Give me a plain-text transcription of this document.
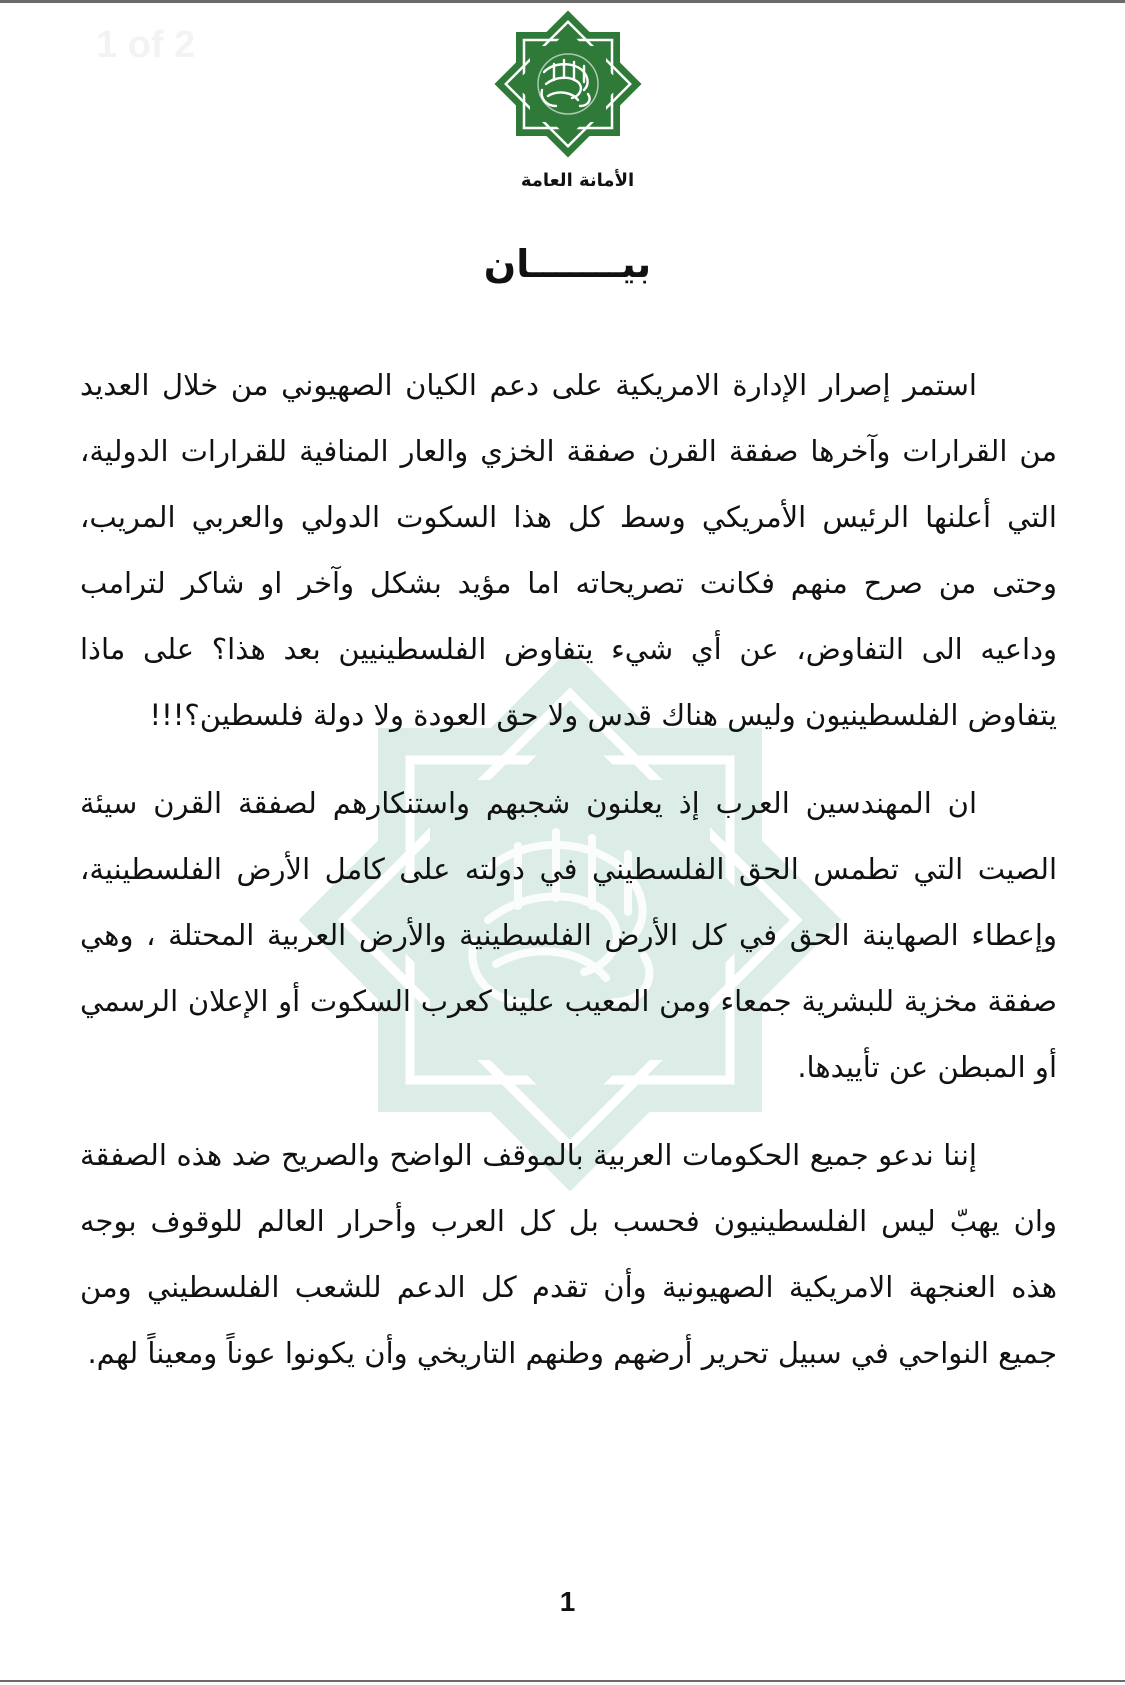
1 of 2
الأمانة العامة
بيـــــــان

استمر إصرار الإدارة الامريكية على دعم الكيان الصهيوني من خلال العديد من القرارات وآخرها صفقة القرن صفقة الخزي والعار المنافية للقرارات الدولية، التي أعلنها الرئيس الأمريكي وسط كل هذا السكوت الدولي والعربي المريب، وحتى من صرح منهم فكانت تصريحاته اما مؤيد بشكل وآخر او شاكر لترامب وداعيه الى التفاوض، عن أي شيء يتفاوض الفلسطينيين بعد هذا؟ على ماذا يتفاوض الفلسطينيون وليس هناك قدس ولا حق العودة ولا دولة فلسطين؟!!!

ان المهندسين العرب إذ يعلنون شجبهم واستنكارهم لصفقة القرن سيئة الصيت التي تطمس الحق الفلسطيني في دولته على كامل الأرض الفلسطينية، وإعطاء الصهاينة الحق في كل الأرض الفلسطينية والأرض العربية المحتلة ، وهي صفقة مخزية للبشرية جمعاء ومن المعيب علينا كعرب السكوت أو الإعلان الرسمي أو المبطن عن تأييدها.

إننا ندعو جميع الحكومات العربية بالموقف الواضح والصريح ضد هذه الصفقة وان يهبّ ليس الفلسطينيون فحسب بل كل العرب وأحرار العالم للوقوف بوجه هذه العنجهة الامريكية الصهيونية وأن تقدم كل الدعم للشعب الفلسطيني ومن جميع النواحي في سبيل تحرير أرضهم وطنهم التاريخي وأن يكونوا عوناً ومعيناً لهم.

1
